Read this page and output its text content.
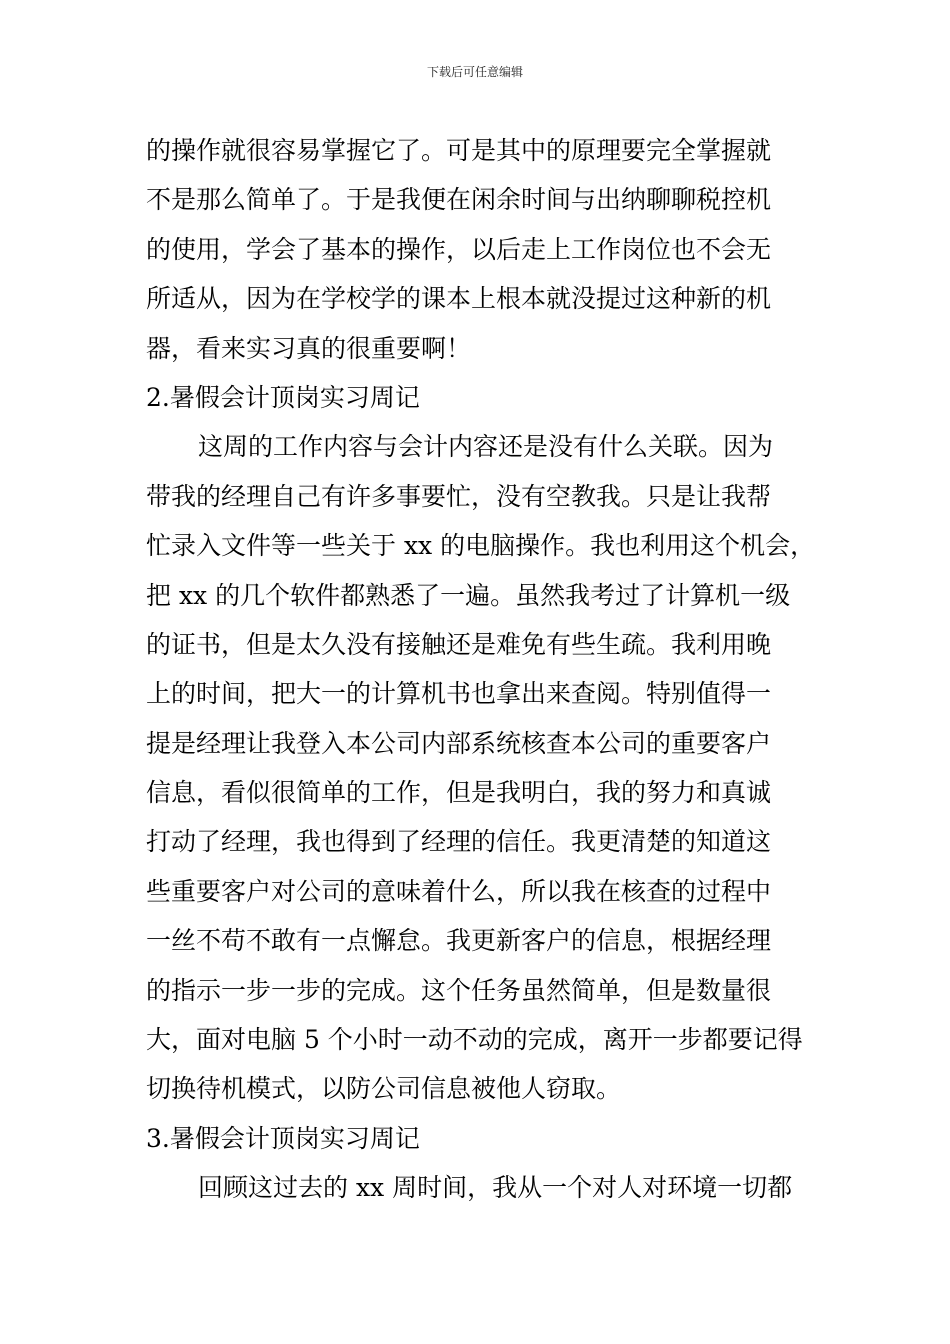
下载后可任意编辑
的操作就很容易掌握它了。可是其中的原理要完全掌握就
不是那么简单了。于是我便在闲余时间与出纳聊聊税控机
的使用，学会了基本的操作，以后走上工作岗位也不会无
所适从，因为在学校学的课本上根本就没提过这种新的机
器，看来实习真的很重要啊！
2.暑假会计顶岗实习周记
这周的工作内容与会计内容还是没有什么关联。因为
带我的经理自己有许多事要忙，没有空教我。只是让我帮
忙录入文件等一些关于 xx 的电脑操作。我也利用这个机会，
把 xx 的几个软件都熟悉了一遍。虽然我考过了计算机一级
的证书，但是太久没有接触还是难免有些生疏。我利用晚
上的时间，把大一的计算机书也拿出来查阅。特别值得一
提是经理让我登入本公司内部系统核查本公司的重要客户
信息，看似很简单的工作，但是我明白，我的努力和真诚
打动了经理，我也得到了经理的信任。我更清楚的知道这
些重要客户对公司的意味着什么，所以我在核查的过程中
一丝不苟不敢有一点懈怠。我更新客户的信息，根据经理
的指示一步一步的完成。这个任务虽然简单，但是数量很
大，面对电脑 5 个小时一动不动的完成，离开一步都要记得
切换待机模式，以防公司信息被他人窃取。
3.暑假会计顶岗实习周记
回顾这过去的 xx 周时间，我从一个对人对环境一切都
